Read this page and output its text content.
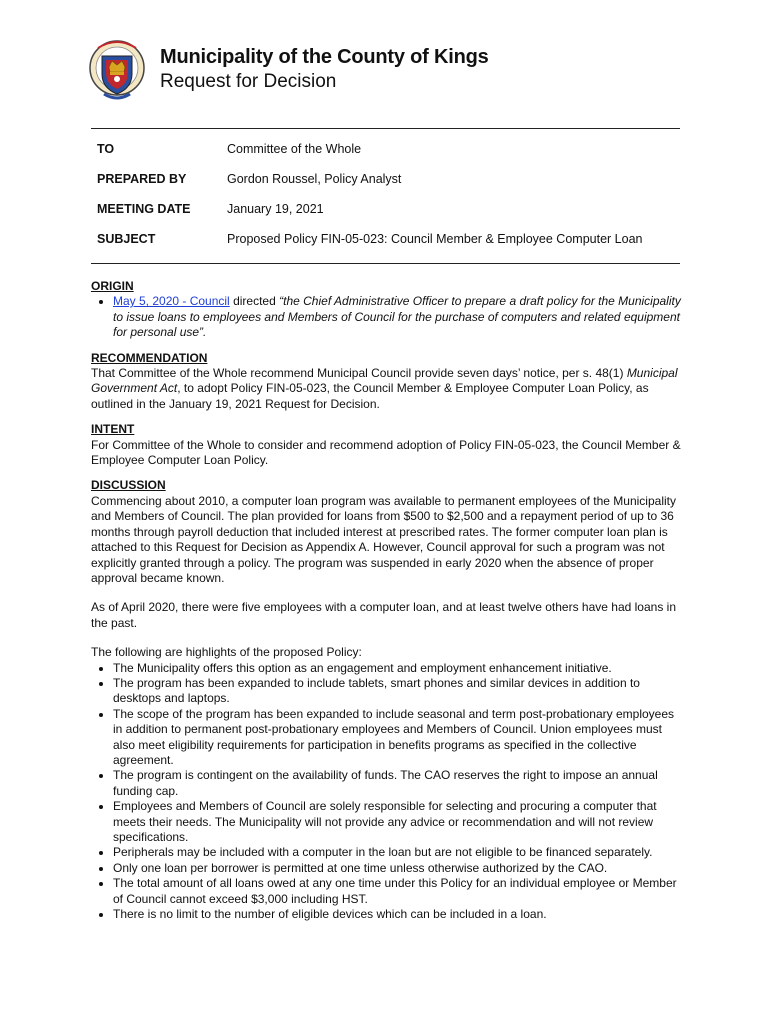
Municipality of the County of Kings
Request for Decision
TO	Committee of the Whole
PREPARED BY	Gordon Roussel, Policy Analyst
MEETING DATE	January 19, 2021
SUBJECT	Proposed Policy FIN-05-023: Council Member & Employee Computer Loan

ORIGIN

• May 5, 2020 - Council directed “the Chief Administrative Officer to prepare a draft policy for the Municipality to issue loans to employees and Members of Council for the purchase of computers and related equipment for personal use”.

RECOMMENDATION

That Committee of the Whole recommend Municipal Council provide seven days’ notice, per s. 48(1) Municipal Government Act, to adopt Policy FIN-05-023, the Council Member & Employee Computer Loan Policy, as outlined in the January 19, 2021 Request for Decision.

INTENT

For Committee of the Whole to consider and recommend adoption of Policy FIN-05-023, the Council Member & Employee Computer Loan Policy.

DISCUSSION

Commencing about 2010, a computer loan program was available to permanent employees of the Municipality and Members of Council. The plan provided for loans from $500 to $2,500 and a repayment period of up to 36 months through payroll deduction that included interest at prescribed rates. The former computer loan plan is attached to this Request for Decision as Appendix A. However, Council approval for such a program was not explicitly granted through a policy. The program was suspended in early 2020 when the absence of proper approval became known.

As of April 2020, there were five employees with a computer loan, and at least twelve others have had loans in the past.

The following are highlights of the proposed Policy:

• The Municipality offers this option as an engagement and employment enhancement initiative.
• The program has been expanded to include tablets, smart phones and similar devices in addition to desktops and laptops.
• The scope of the program has been expanded to include seasonal and term post-probationary employees in addition to permanent post-probationary employees and Members of Council. Union employees must also meet eligibility requirements for participation in benefits programs as specified in the collective agreement.
• The program is contingent on the availability of funds. The CAO reserves the right to impose an annual funding cap.
• Employees and Members of Council are solely responsible for selecting and procuring a computer that meets their needs. The Municipality will not provide any advice or recommendation and will not review specifications.
• Peripherals may be included with a computer in the loan but are not eligible to be financed separately.
• Only one loan per borrower is permitted at one time unless otherwise authorized by the CAO.
• The total amount of all loans owed at any one time under this Policy for an individual employee or Member of Council cannot exceed $3,000 including HST.
• There is no limit to the number of eligible devices which can be included in a loan.
